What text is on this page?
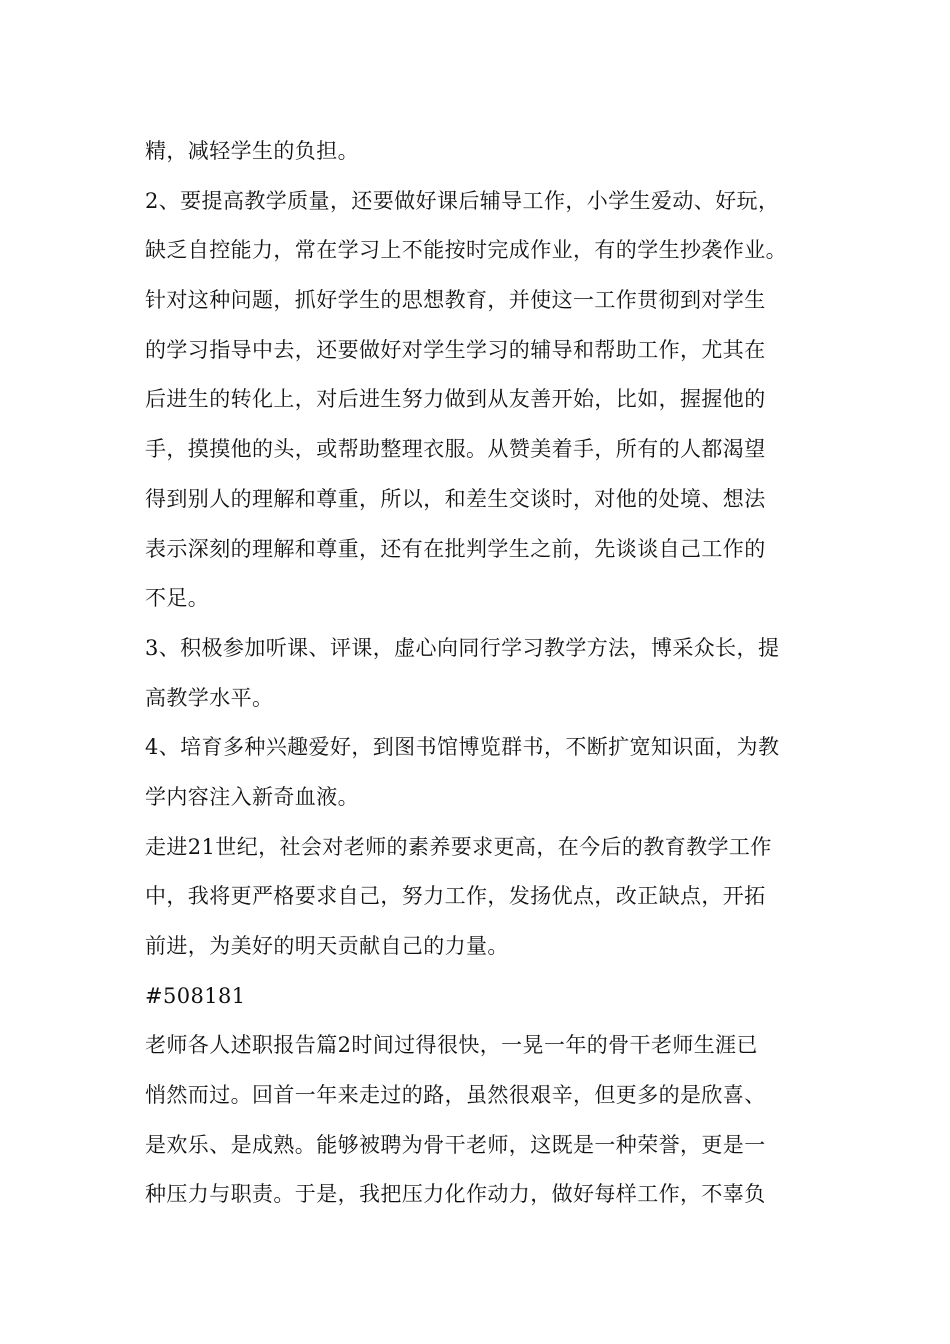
精，减轻学生的负担。
2、要提高教学质量，还要做好课后辅导工作，小学生爱动、好玩，
缺乏自控能力，常在学习上不能按时完成作业，有的学生抄袭作业。
针对这种问题，抓好学生的思想教育，并使这一工作贯彻到对学生
的学习指导中去，还要做好对学生学习的辅导和帮助工作，尤其在
后进生的转化上，对后进生努力做到从友善开始，比如，握握他的
手，摸摸他的头，或帮助整理衣服。从赞美着手，所有的人都渴望
得到别人的理解和尊重，所以，和差生交谈时，对他的处境、想法
表示深刻的理解和尊重，还有在批判学生之前，先谈谈自己工作的
不足。
3、积极参加听课、评课，虚心向同行学习教学方法，博采众长，提
高教学水平。
4、培育多种兴趣爱好，到图书馆博览群书，不断扩宽知识面，为教
学内容注入新奇血液。
走进21世纪，社会对老师的素养要求更高，在今后的教育教学工作
中，我将更严格要求自己，努力工作，发扬优点，改正缺点，开拓
前进，为美好的明天贡献自己的力量。
#508181
老师各人述职报告篇2时间过得很快，一晃一年的骨干老师生涯已
悄然而过。回首一年来走过的路，虽然很艰辛，但更多的是欣喜、
是欢乐、是成熟。能够被聘为骨干老师，这既是一种荣誉，更是一
种压力与职责。于是，我把压力化作动力，做好每样工作，不辜负
